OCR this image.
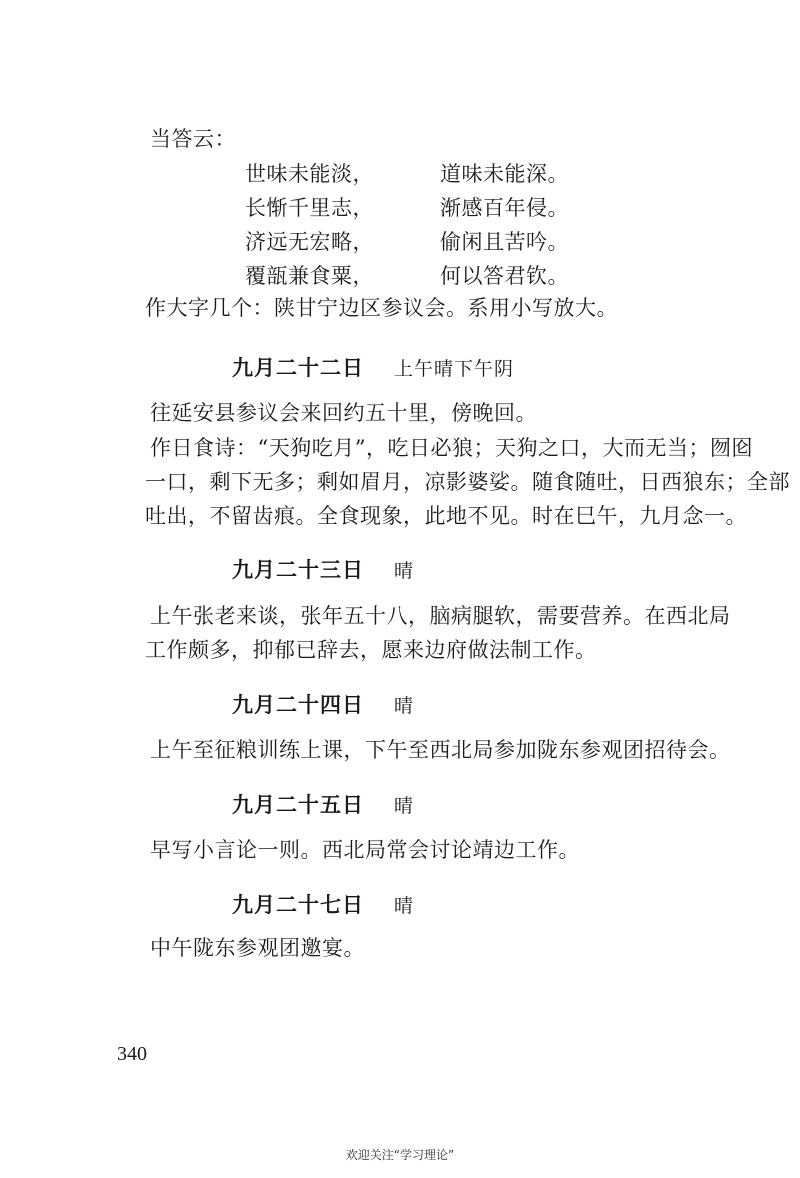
当答云：
世味未能淡，	道味未能深。
长惭千里志，	渐感百年侵。
济远无宏略，	偷闲且苦吟。
覆瓿兼食粟，	何以答君钦。
作大字几个：陕甘宁边区参议会。系用小写放大。
九月二十二日 上午晴下午阴
往延安县参议会来回约五十里，傍晚回。
作日食诗：“天狗吃月”，吃日必狼；天狗之口，大而无当；囫囵
一口，剩下无多；剩如眉月，凉影婆娑。随食随吐，日西狼东；全部
吐出，不留齿痕。全食现象，此地不见。时在巳午，九月念一。
九月二十三日 晴
上午张老来谈，张年五十八，脑病腿软，需要营养。在西北局
工作颇多，抑郁已辞去，愿来边府做法制工作。
九月二十四日 晴
上午至征粮训练上课，下午至西北局参加陇东参观团招待会。
九月二十五日 晴
早写小言论一则。西北局常会讨论靖边工作。
九月二十七日 晴
中午陇东参观团邀宴。
340
欢迎关注“学习理论”
